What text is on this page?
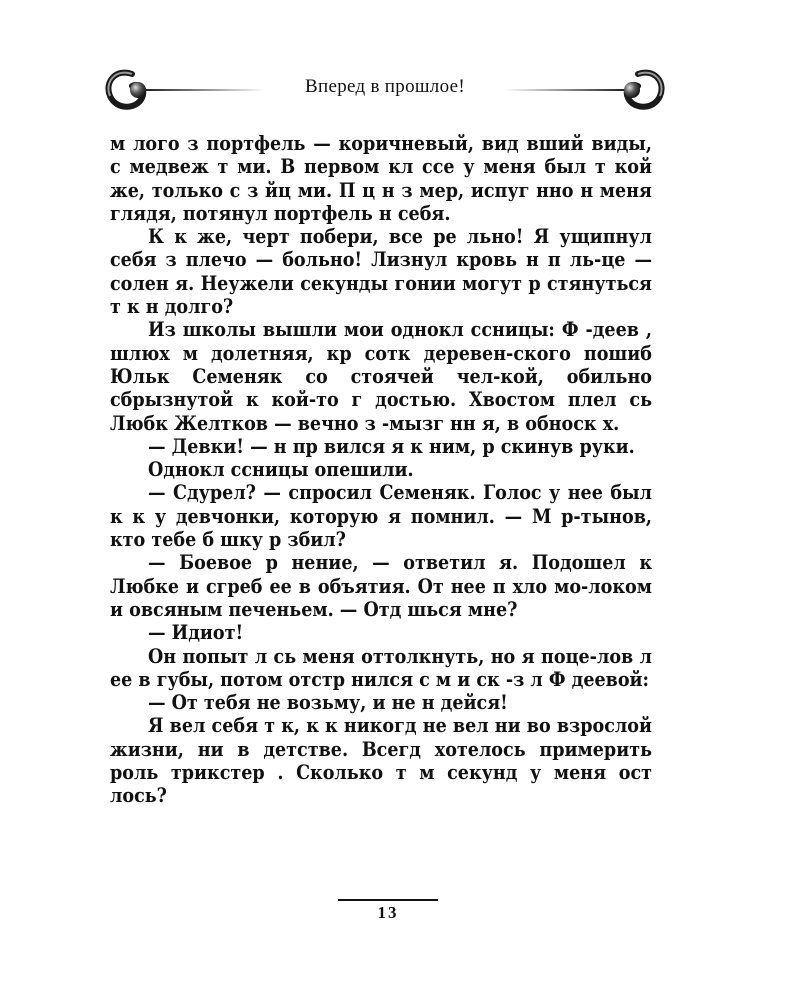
Вперед в прошлое!

м лого з портфель — коричневый, вид вший виды, с медвеж т ми. В первом кл ссе у меня был т кой же, только с з йц ми. П ц н з мер, испуг нно н меня глядя, потянул портфель н себя.

К к же, черт побери, все ре льно! Я ущипнул себя з плечо — больно! Лизнул кровь н п ль-це — солен я. Неужели секунды гонии могут р стянуться т к н долго?

Из школы вышли мои однокл ссницы: Ф -деев , шлюх м долетняя, кр сотк деревен-ского пошиб Юльк Семеняк со стоячей чел-кой, обильно сбрызнутой к кой-то г достью. Хвостом плел сь Любк Желтков — вечно з -мызг нн я, в обноск х.

— Девки! — н пр вился я к ним, р скинув руки.

Однокл ссницы опешили.

— Сдурел? — спросил Семеняк. Голос у нее был к к у девчонки, которую я помнил. — М р-тынов, кто тебе б шку р збил?

— Боевое р нение, — ответил я. Подошел к Любке и сгреб ее в объятия. От нее п хло мо-локом и овсяным печеньем. — Отд шься мне?

— Идиот!

Он попыт л сь меня оттолкнуть, но я поце-лов л ее в губы, потом отстр нился с м и ск -з л Ф деевой:

— От тебя не возьму, и не н дейся!

Я вел себя т к, к к никогд не вел ни во взрослой жизни, ни в детстве. Всегд хотелось примерить роль трикстер . Сколько т м секунд у меня ост лось?

13
